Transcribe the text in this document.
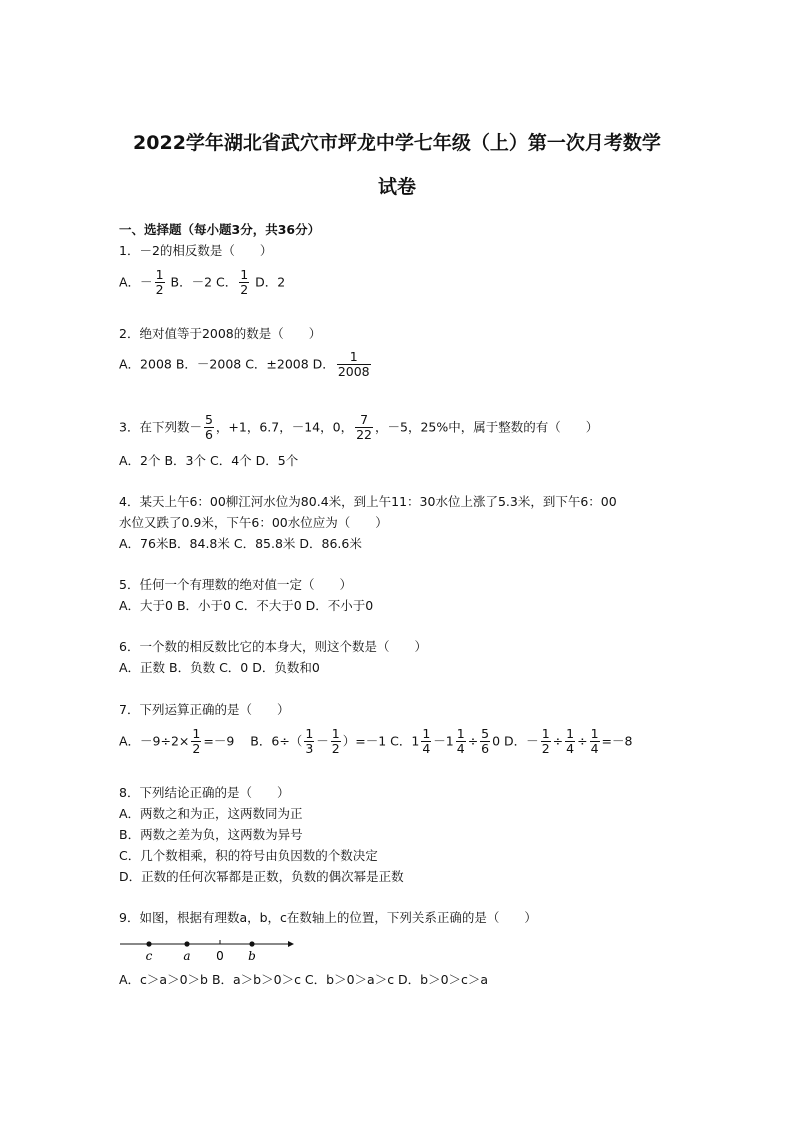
2022学年湖北省武穴市坪龙中学七年级（上）第一次月考数学
试卷
一、选择题（每小题3分，共36分）
1．－2的相反数是（　　）
A．－ $\frac{1}{2}$ B．－2 C． $\frac{1}{2}$ D．2
2．绝对值等于2008的数是（　　）
A．2008 B．－2008 C．±2008 D． $\frac{1}{2008}$
3．在下列数－ $\frac{5}{6}$ ，+1，6.7，－14，0， $\frac{7}{22}$ ，－5，25%中，属于整数的有（　　）
A．2个 B．3个 C．4个 D．5个
4．某天上午6：00柳江河水位为80.4米，到上午11：30水位上涨了5.3米，到下午6：00
水位又跌了0.9米，下午6：00水位应为（　　）
A．76米B．84.8米 C．85.8米 D．86.6米
5．任何一个有理数的绝对值一定（　　）
A．大于0 B．小于0 C．不大于0 D．不小于0
6．一个数的相反数比它的本身大，则这个数是（　　）
A．正数 B．负数 C．0 D．负数和0
7．下列运算正确的是（　　）
A．$-9\div 2\times \frac{1}{2} =-9$ B．$6\div( \frac{1}{3} - \frac{1}{2} )=-1$ C．$1 \frac{1}{4} -1 \frac{1}{4} \div \frac{5}{6} 0$ D．－ $\frac{1}{2} \div \frac{1}{4} \div \frac{1}{4} =-8$
8．下列结论正确的是（　　）
A．两数之和为正，这两数同为正
B．两数之差为负，这两数为异号
C．几个数相乘，积的符号由负因数的个数决定
D．正数的任何次幂都是正数，负数的偶次幂是正数
9．如图，根据有理数a，b，c在数轴上的位置，下列关系正确的是（　　）
c	a 0 b
A．c＞a＞0＞b B．a＞b＞0＞c C．b＞0＞a＞c D．b＞0＞c＞a
